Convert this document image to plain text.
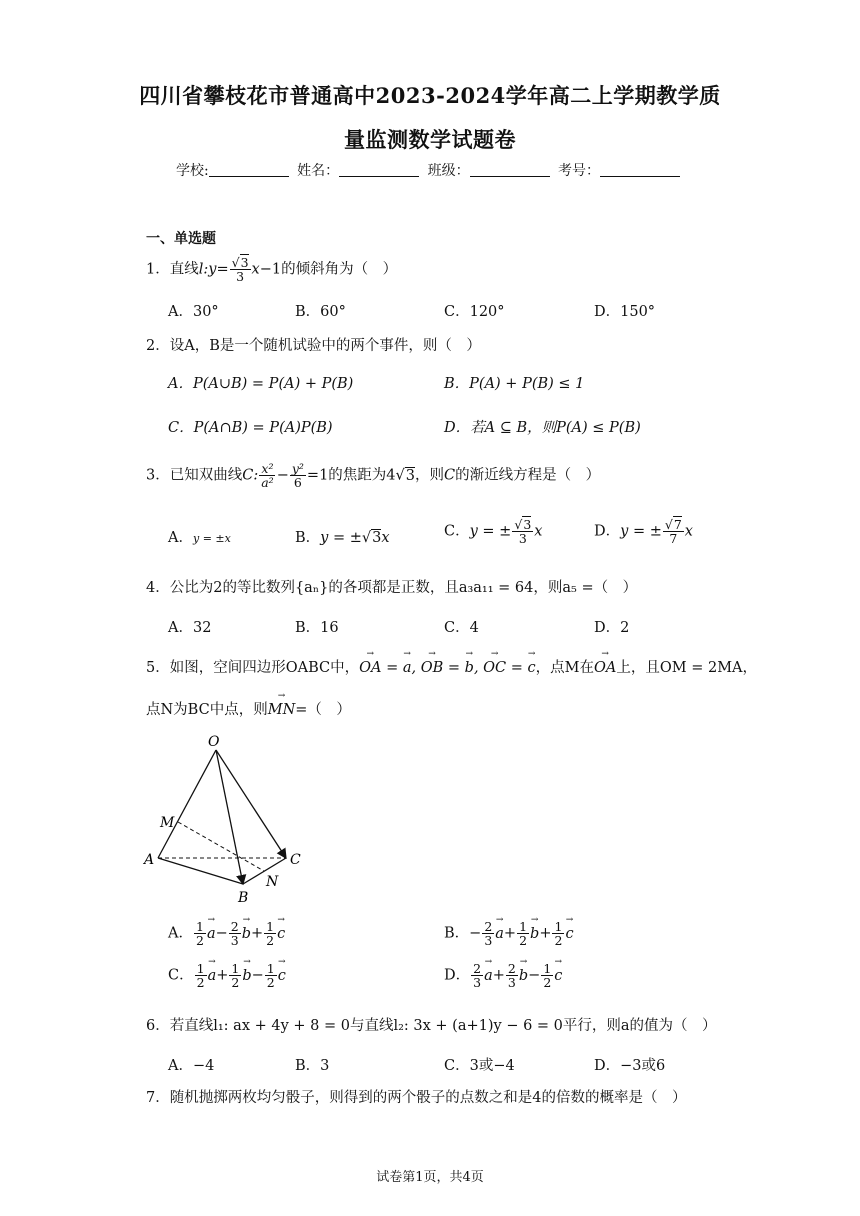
四川省攀枝花市普通高中2023-2024学年高二上学期教学质
量监测数学试题卷
学校:	姓名：	班级：	考号：
一、单选题
1．直线l:y= $\frac{√3}{3} x-1$的倾斜角为（　）
A．30°	B．60°	C．120°	D．150°
2．设A，B是一个随机试验中的两个事件，则（　）
A．P(A∪B) = P(A) + P(B)	B．P(A) + P(B) ≤ 1
C．P(A∩B) = P(A)P(B)	D．若A ⊆ B，则P(A) ≤ P(B)
3．已知双曲线C: $\frac{\text{x²}}{\text{a²}} - \frac{\text{y²}}{6} =1$的焦距为4√3，则C的渐近线方程是（　）
A．y = ±x	B．y = ±√3x	C．y = ± $\frac{√3}{3}$ x	D．y = ± $\frac{√7}{7}$ x
4．公比为2的等比数列{aₙ}的各项都是正数，且a₃a₁₁ = 64，则a₅ =（　）
A．32	B．16	C．4	D．2
5．如图，空间四边形OABC中，→ OA = → a, → OB = → b, → OC = → c，点M在→ OA上，且OM = 2MA，
点N为BC中点，则→ MN=（　）
O
M
A
B
C
N
A． $\frac{1}{2} \to a- \frac{2}{3} \to b+ \frac{1}{2} \to c$	B．− $\frac{2}{3} \to a+ \frac{1}{2} \to b+ \frac{1}{2} \to c$
C． $\frac{1}{2} \to a+ \frac{1}{2} \to b- \frac{1}{2} \to c$	D． $\frac{2}{3} \to a+ \frac{2}{3} \to b- \frac{1}{2} \to c$
6．若直线l₁: ax + 4y + 8 = 0与直线l₂: 3x + (a+1)y − 6 = 0平行，则a的值为（　）
A．−4	B．3	C．3或−4	D．−3或6
7．随机抛掷两枚均匀骰子，则得到的两个骰子的点数之和是4的倍数的概率是（　）
试卷第1页，共4页
